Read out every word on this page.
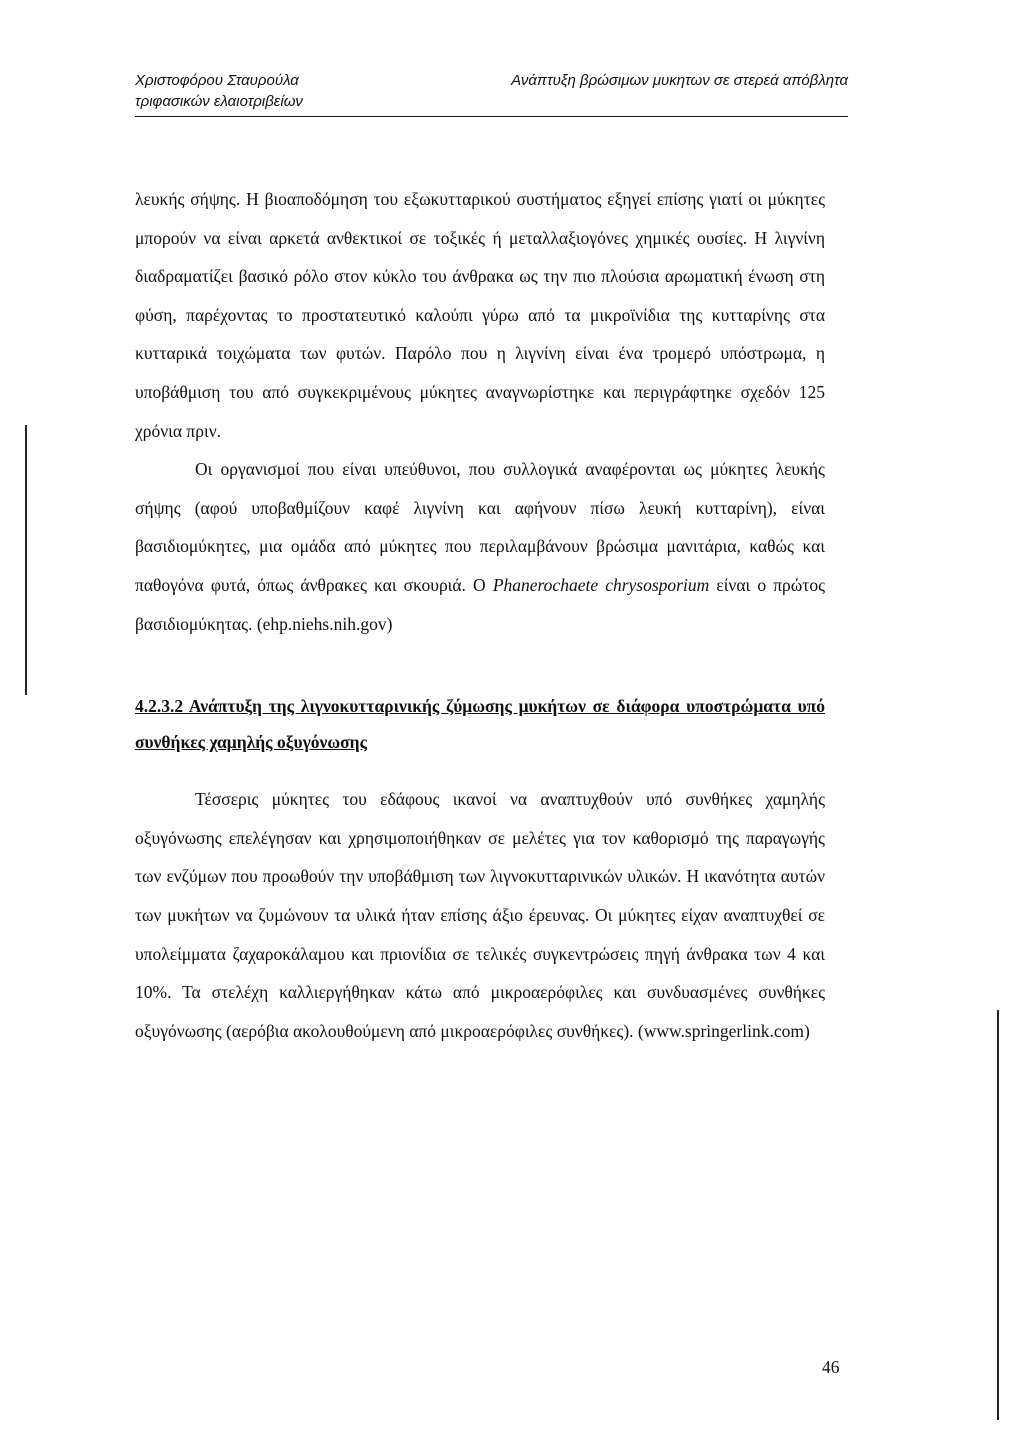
Χριστοφόρου Σταυρούλα	Ανάπτυξη βρώσιμων μυκητων σε στερεά απόβλητα
τριφασικών ελαιοτριβείων

λευκής σήψης. Η βιοαποδόμηση του εξωκυτταρικού συστήματος εξηγεί επίσης γιατί οι μύκητες μπορούν να είναι αρκετά ανθεκτικοί σε τοξικές ή μεταλλαξιογόνες χημικές ουσίες. Η λιγνίνη διαδραματίζει βασικό ρόλο στον κύκλο του άνθρακα ως την πιο πλούσια αρωματική ένωση στη φύση, παρέχοντας το προστατευτικό καλούπι γύρω από τα μικροϊνίδια της κυτταρίνης στα κυτταρικά τοιχώματα των φυτών. Παρόλο που η λιγνίνη είναι ένα τρομερό υπόστρωμα, η υποβάθμιση του από συγκεκριμένους μύκητες αναγνωρίστηκε και περιγράφτηκε σχεδόν 125 χρόνια πριν.

Οι οργανισμοί που είναι υπεύθυνοι, που συλλογικά αναφέρονται ως μύκητες λευκής σήψης (αφού υποβαθμίζουν καφέ λιγνίνη και αφήνουν πίσω λευκή κυτταρίνη), είναι βασιδιομύκητες, μια ομάδα από μύκητες που περιλαμβάνουν βρώσιμα μανιτάρια, καθώς και παθογόνα φυτά, όπως άνθρακες και σκουριά. Ο Phanerochaete chrysosporium είναι ο πρώτος βασιδιομύκητας. (ehp.niehs.nih.gov)

4.2.3.2 Ανάπτυξη της λιγνοκυτταρινικής ζύμωσης μυκήτων σε διάφορα υποστρώματα υπό συνθήκες χαμηλής οξυγόνωσης

Τέσσερις μύκητες του εδάφους ικανοί να αναπτυχθούν υπό συνθήκες χαμηλής οξυγόνωσης επελέγησαν και χρησιμοποιήθηκαν σε μελέτες για τον καθορισμό της παραγωγής των ενζύμων που προωθούν την υποβάθμιση των λιγνοκυτταρινικών υλικών. Η ικανότητα αυτών των μυκήτων να ζυμώνουν τα υλικά ήταν επίσης άξιο έρευνας. Οι μύκητες είχαν αναπτυχθεί σε υπολείμματα ζαχαροκάλαμου και πριονίδια σε τελικές συγκεντρώσεις πηγή άνθρακα των 4 και 10%. Τα στελέχη καλλιεργήθηκαν κάτω από μικροαερόφιλες και συνδυασμένες συνθήκες οξυγόνωσης (αερόβια ακολουθούμενη από μικροαερόφιλες συνθήκες). (www.springerlink.com)

46
